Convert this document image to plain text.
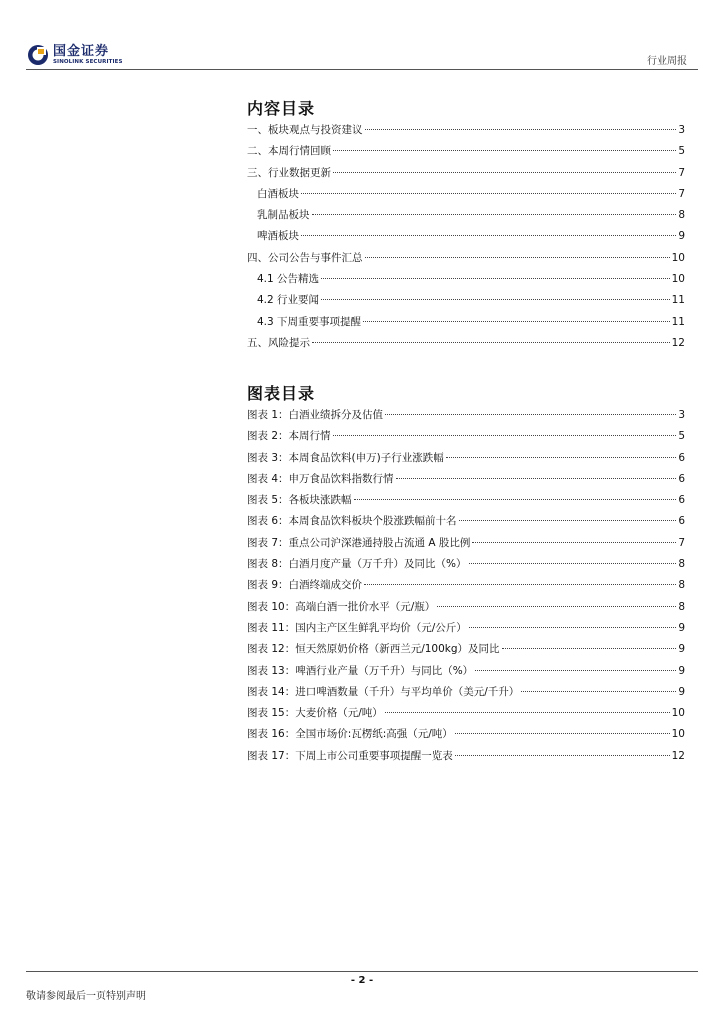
国金证券
SINOLINK SECURITIES	行业周报
内容目录
一、板块观点与投资建议	3
二、本周行情回顾	5
三、行业数据更新	7
白酒板块	7
乳制品板块	8
啤酒板块	9
四、公司公告与事件汇总	10
4.1 公告精选	10
4.2 行业要闻	11
4.3 下周重要事项提醒	11
五、风险提示	12
图表目录
图表 1：白酒业绩拆分及估值	3
图表 2：本周行情	5
图表 3：本周食品饮料(申万)子行业涨跌幅	6
图表 4：申万食品饮料指数行情	6
图表 5：各板块涨跌幅	6
图表 6：本周食品饮料板块个股涨跌幅前十名	6
图表 7：重点公司沪深港通持股占流通 A 股比例	7
图表 8：白酒月度产量（万千升）及同比（%）	8
图表 9：白酒终端成交价	8
图表 10：高端白酒一批价水平（元/瓶）	8
图表 11：国内主产区生鲜乳平均价（元/公斤）	9
图表 12：恒天然原奶价格（新西兰元/100kg）及同比	9
图表 13：啤酒行业产量（万千升）与同比（%）	9
图表 14：进口啤酒数量（千升）与平均单价（美元/千升）	9
图表 15：大麦价格（元/吨）	10
图表 16：全国市场价:瓦楞纸:高强（元/吨）	10
图表 17：下周上市公司重要事项提醒一览表	12
- 2 -
敬请参阅最后一页特别声明
